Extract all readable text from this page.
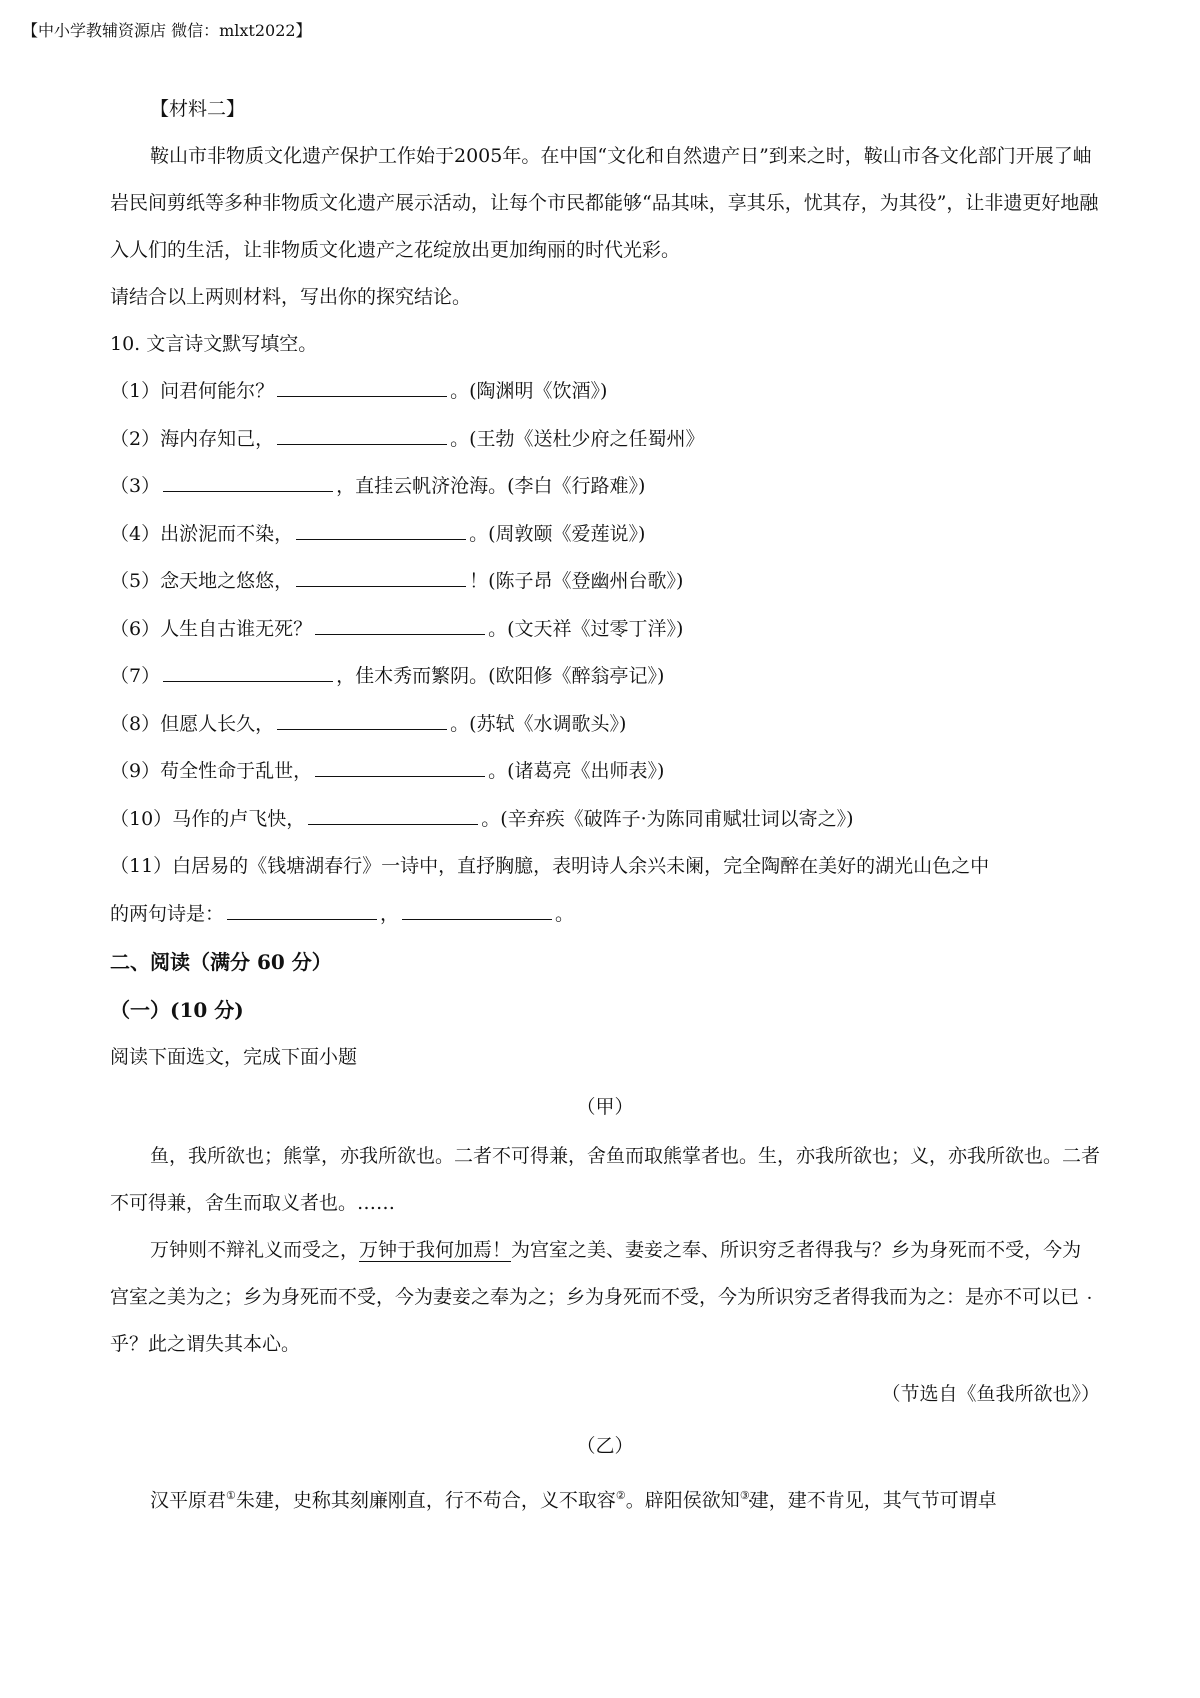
【中小学教辅资源店 微信：mlxt2022】

【材料二】

鞍山市非物质文化遗产保护工作始于2005年。在中国“文化和自然遗产日”到来之时，鞍山市各文化部门开展了岫岩民间剪纸等多种非物质文化遗产展示活动，让每个市民都能够“品其味，享其乐，忧其存，为其役”，让非遗更好地融入人们的生活，让非物质文化遗产之花绽放出更加绚丽的时代光彩。

请结合以上两则材料，写出你的探究结论。

10. 文言诗文默写填空。

（1）问君何能尔？	。(陶渊明《饮酒》)

（2）海内存知己，	。(王勃《送杜少府之任蜀州》

（3）	，直挂云帆济沧海。(李白《行路难》)

（4）出淤泥而不染，	。(周敦颐《爱莲说》)

（5）念天地之悠悠，	！(陈子昂《登幽州台歌》)

（6）人生自古谁无死？	。(文天祥《过零丁洋》)

（7）	，佳木秀而繁阴。(欧阳修《醉翁亭记》)

（8）但愿人长久，	。(苏轼《水调歌头》)

（9）苟全性命于乱世，	。(诸葛亮《出师表》)

（10）马作的卢飞快，	。(辛弃疾《破阵子·为陈同甫赋壮词以寄之》)

（11）白居易的《钱塘湖春行》一诗中，直抒胸臆，表明诗人余兴未阑，完全陶醉在美好的湖光山色之中

的两句诗是：	，	。

二、阅读（满分 60 分）

（一）(10 分)

阅读下面选文，完成下面小题

（甲）

鱼，我所欲也；熊掌，亦我所欲也。二者不可得兼，舍鱼而取熊掌者也。生，亦我所欲也；义，亦我所欲也。二者不可得兼，舍生而取义者也。……

万钟则不辩礼义而受之，万钟于我何加焉！为宫室之美、妻妾之奉、所识穷乏者得我 ·与？乡为身死而不受，今为宫室之美为之；乡为身死而不受，今为妻妾之奉为之；乡为身死而不受，今为所识穷乏者得我而为之：是亦不可以已 ·乎？此之谓失其本心。

（节选自《鱼我所欲也》）

（乙）

汉平原君①朱建，史称其刻廉刚直，行不苟合，义不取容②。辟阳侯欲知 ·③建，建不肯见，其气节可谓卓
